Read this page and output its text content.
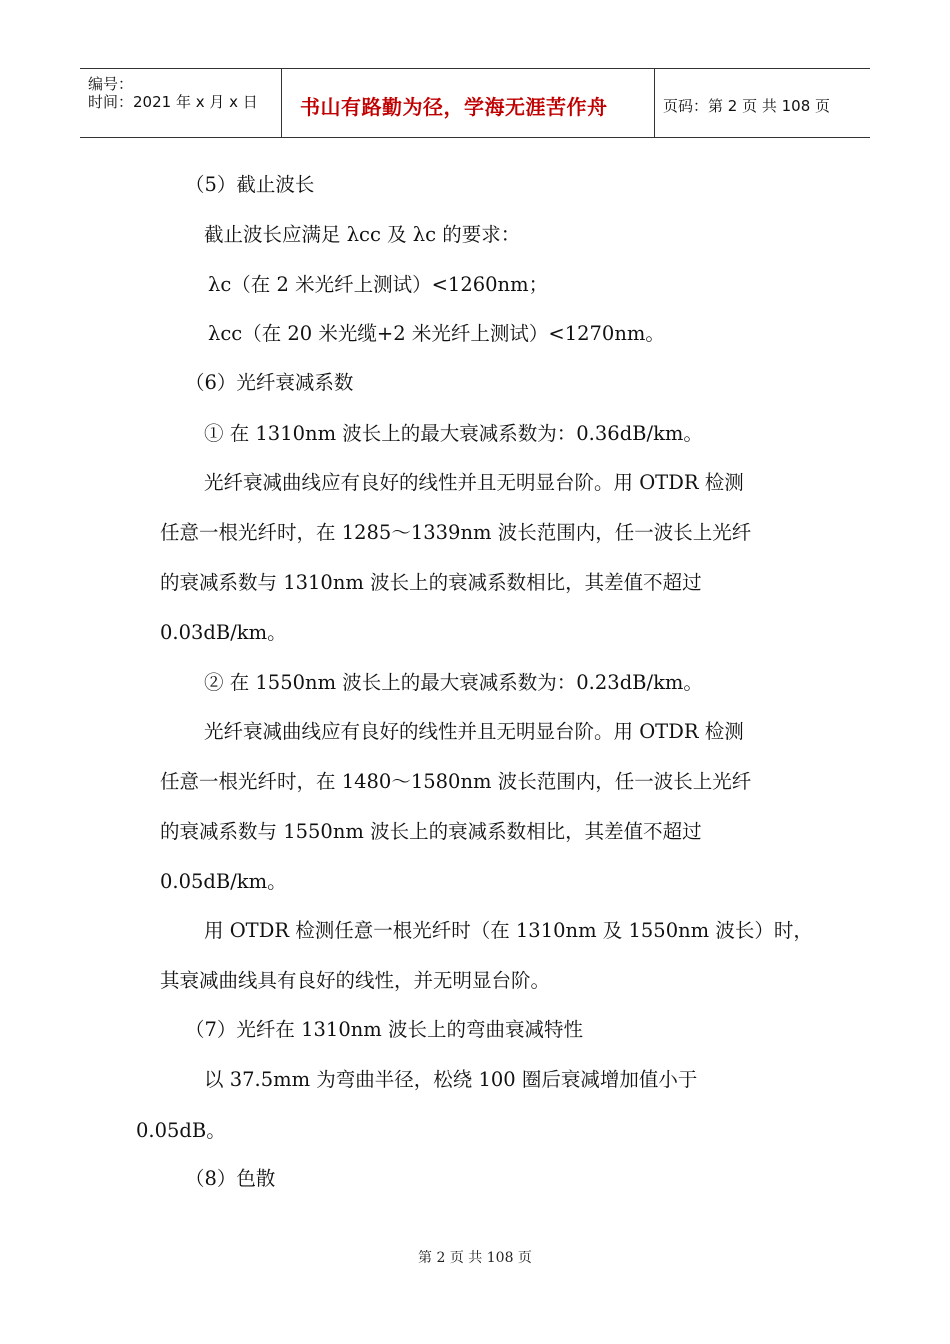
编号：
时间：2021 年 x 月 x 日 书山有路勤为径，学海无涯苦作舟	页码：第 2 页 共 108 页
（5）截止波长
截止波长应满足 λcc 及 λc 的要求：
λc（在 2 米光纤上测试）<1260nm；
λcc（在 20 米光缆+2 米光纤上测试）<1270nm。
（6）光纤衰减系数
① 在 1310nm 波长上的最大衰减系数为：0.36dB/km。
光纤衰减曲线应有良好的线性并且无明显台阶。用 OTDR 检测
任意一根光纤时，在 1285～1339nm 波长范围内，任一波长上光纤
的衰减系数与 1310nm 波长上的衰减系数相比，其差值不超过
0.03dB/km。
② 在 1550nm 波长上的最大衰减系数为：0.23dB/km。
光纤衰减曲线应有良好的线性并且无明显台阶。用 OTDR 检测
任意一根光纤时，在 1480～1580nm 波长范围内，任一波长上光纤
的衰减系数与 1550nm 波长上的衰减系数相比，其差值不超过
0.05dB/km。
用 OTDR 检测任意一根光纤时（在 1310nm 及 1550nm 波长）时，
其衰减曲线具有良好的线性，并无明显台阶。
（7）光纤在 1310nm 波长上的弯曲衰减特性
以 37.5mm 为弯曲半径，松绕 100 圈后衰减增加值小于
0.05dB。
（8）色散
第 2 页 共 108 页
